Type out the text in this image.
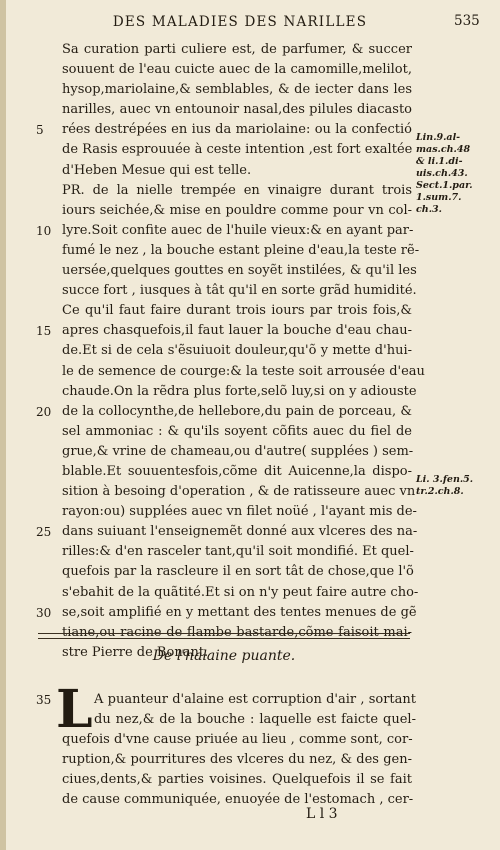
DES MALADIES DES NARILLES	535
Sa curation parti culiere est, de parfumer, & succer
souuent de l'eau cuicte auec de la camomille,melilot,
hysop,mariolaine,& semblables, & de iecter dans les
narilles, auec vn entounoir nasal,des pilules diacasto
5	rées destrépées en ius da mariolaine: ou la confectió
de Rasis esprouuée à ceste intention ,est fort exaltée
d'Heben Mesue qui est telle.
PR. de la nielle trempée en vinaigre durant trois
iours seichée,& mise en pouldre comme pour vn col-
10 lyre.Soit confite auec de l'huile vieux:& en ayant par-
fumé le nez , la bouche estant pleine d'eau,la teste rẽ-
uersée,quelques gouttes en soyẽt instilées, & qu'il les
succe fort , iusques à tât qu'il en sorte grãd humidité.
Ce qu'il faut faire durant trois iours par trois fois,&
15 apres chasquefois,il faut lauer la bouche d'eau chau-
de.Et si de cela s'ẽsuiuoit douleur,qu'õ y mette d'hui-
le de semence de courge:& la teste soit arrousée d'eau
chaude.On la rẽdra plus forte,selõ luy,si on y adiouste
20 de la collocynthe,de hellebore,du pain de porceau, &
sel ammoniac : & qu'ils soyent cõfits auec du fiel de
grue,& vrine de chameau,ou d'autre( supplées ) sem-
blable.Et souuentesfois,cõme dit Auicenne,la dispo-
sition à besoing d'operation , & de ratisseure auec vn
rayon:ou) supplées auec vn filet noüé , l'ayant mis de-
25 dans suiuant l'enseignemẽt donné aux vlceres des na-
rilles:& d'en rasceler tant,qu'il soit mondifié. Et quel-
quefois par la rascleure il en sort tât de chose,que l'õ
s'ebahit de la quãtité.Et si on n'y peut faire autre cho-
30 se,soit amplifié en y mettant des tentes menues de gẽ
tiane,ou racine de flambe bastarde,cõme faisoit mai-
stre Pierre de Bonant.
Lin.9.al-
mas.ch.48
& li.1.di-
uis.ch.43.
Sect.1.par.
1.sum.7.
ch.3.
Li. 3.fen.5.
tr.2.ch.8.
De l'halaine puante.
L
35	A puanteur d'alaine est corruption d'air , sortant
du nez,& de la bouche : laquelle est faicte quel-
quefois d'vne cause priuée au lieu , comme sont, cor-
ruption,& pourritures des vlceres du nez, & des gen-
ciues,dents,& parties voisines. Quelquefois il se fait
de cause communiquée, enuoyée de l'estomach , cer-
L l 3
